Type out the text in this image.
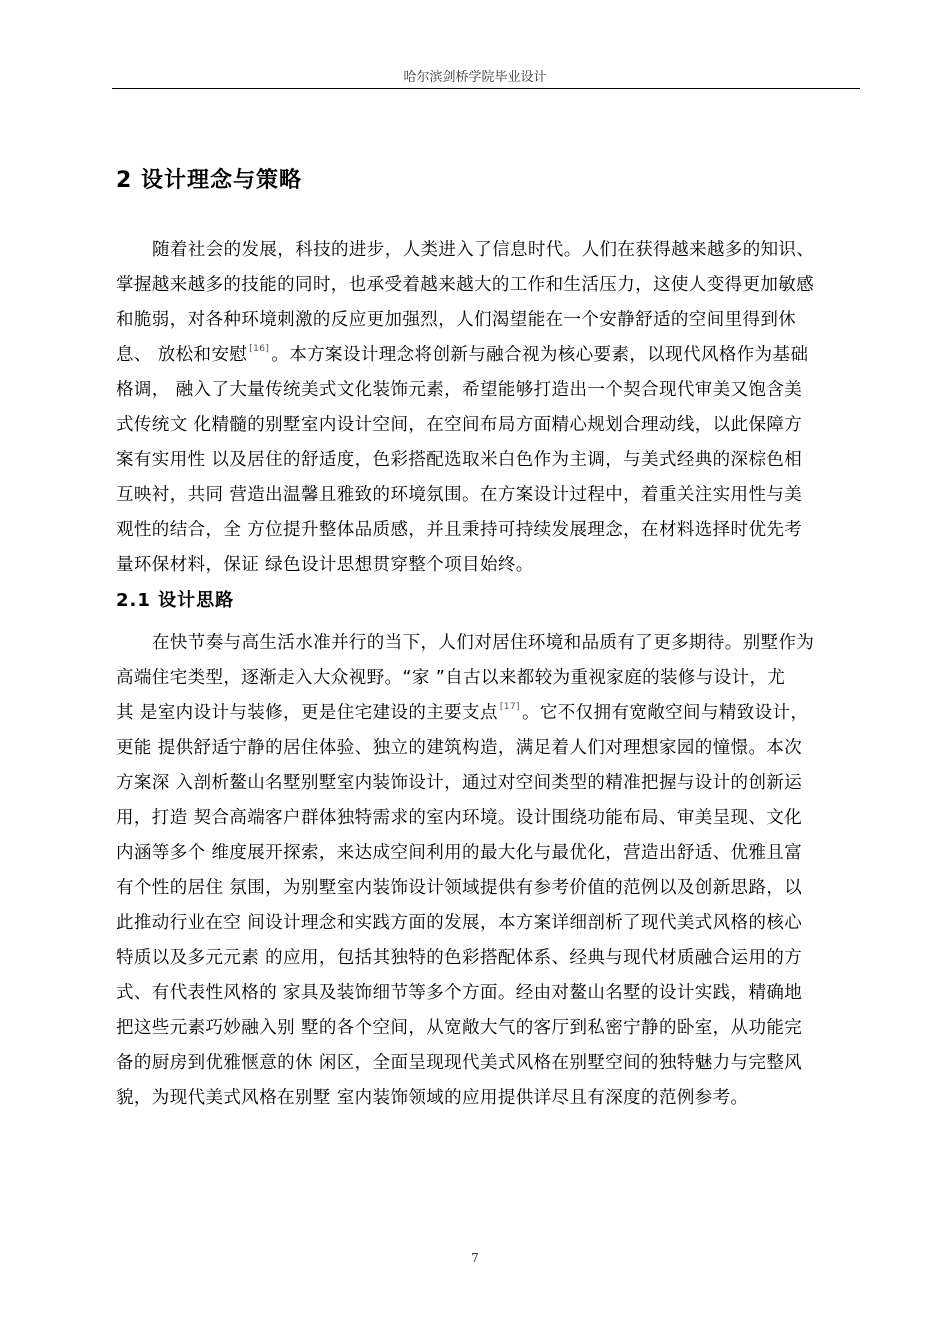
哈尔滨剑桥学院毕业设计
2 设计理念与策略
随着社会的发展，科技的进步，人类进入了信息时代。人们在获得越来越多的知识、
掌握越来越多的技能的同时，也承受着越来越大的工作和生活压力，这使人变得更加敏感
和脆弱，对各种环境刺激的反应更加强烈，人们渴望能在一个安静舒适的空间里得到休
息、 放松和安慰 [16] 。本方案设计理念将创新与融合视为核心要素，以现代风格作为基础
格调， 融入了大量传统美式文化装饰元素，希望能够打造出一个契合现代审美又饱含美
式传统文 化精髓的别墅室内设计空间，在空间布局方面精心规划合理动线，以此保障方
案有实用性 以及居住的舒适度，色彩搭配选取米白色作为主调，与美式经典的深棕色相
互映衬，共同 营造出温馨且雅致的环境氛围。在方案设计过程中，着重关注实用性与美
观性的结合，全 方位提升整体品质感，并且秉持可持续发展理念，在材料选择时优先考
量环保材料，保证 绿色设计思想贯穿整个项目始终。
2.1 设计思路
在快节奏与高生活水准并行的当下，人们对居住环境和品质有了更多期待。别墅作为
高端住宅类型，逐渐走入大众视野。“家 ”自古以来都较为重视家庭的装修与设计，尤
其 是室内设计与装修，更是住宅建设的主要支点 [17] 。它不仅拥有宽敞空间与精致设计，
更能 提供舒适宁静的居住体验、独立的建筑构造，满足着人们对理想家园的憧憬。本次
方案深 入剖析鳌山名墅别墅室内装饰设计，通过对空间类型的精准把握与设计的创新运
用，打造 契合高端客户群体独特需求的室内环境。设计围绕功能布局、审美呈现、文化
内涵等多个 维度展开探索，来达成空间利用的最大化与最优化，营造出舒适、优雅且富
有个性的居住 氛围，为别墅室内装饰设计领域提供有参考价值的范例以及创新思路，以
此推动行业在空 间设计理念和实践方面的发展，本方案详细剖析了现代美式风格的核心
特质以及多元元素 的应用，包括其独特的色彩搭配体系、经典与现代材质融合运用的方
式、有代表性风格的 家具及装饰细节等多个方面。经由对鳌山名墅的设计实践，精确地
把这些元素巧妙融入别 墅的各个空间，从宽敞大气的客厅到私密宁静的卧室，从功能完
备的厨房到优雅惬意的休 闲区，全面呈现现代美式风格在别墅空间的独特魅力与完整风
貌，为现代美式风格在别墅 室内装饰领域的应用提供详尽且有深度的范例参考。
7
